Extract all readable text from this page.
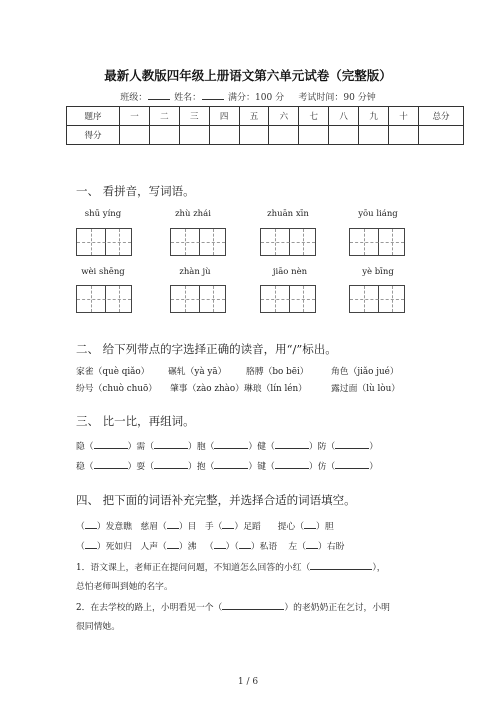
最新人教版四年级上册语文第六单元试卷（完整版）
班级：	姓名：	满分：100 分 考试时间：90 分钟
题序	一	二	三	四	五	六	七	八	九	十	总分
得分											
一、 看拼音，写词语。
shū yíng	zhù zhái	zhuān xīn	yōu liáng
wèi shēng	zhàn jù	jiāo nèn	yè bīng
二、 给下列带点的字选择正确的读音，用“/”标出。
家雀（què qiǎo） 碾轧（yà yā） 胳膊（bo bēi）	角色（jiǎo jué）
纷号（chuò chuō） 肇事（zào zhào）琳琅（lín lén）	露过面（lù lòu）
三、 比一比，再组词。
隐（	）需（	）胞（	）健（	）防（	）
稳（	）耍（	）抱（	）键（	）仿（	）
四、 把下面的词语补充完整，并选择合适的词语填空。
（ ）发意瞧 慈眉（ ）目 手（ ）足蹈 提心（ ）胆
（ ）死如归 人声（ ）沸 （ ）（ ）私语 左（ ）右盼
1．语文课上，老师正在提问问题，不知道怎么回答的小红（	），
总怕老师叫到她的名字。
2．在去学校的路上，小明看见一个（	）的老奶奶正在乞讨，小明
很同情她。
1 / 6
